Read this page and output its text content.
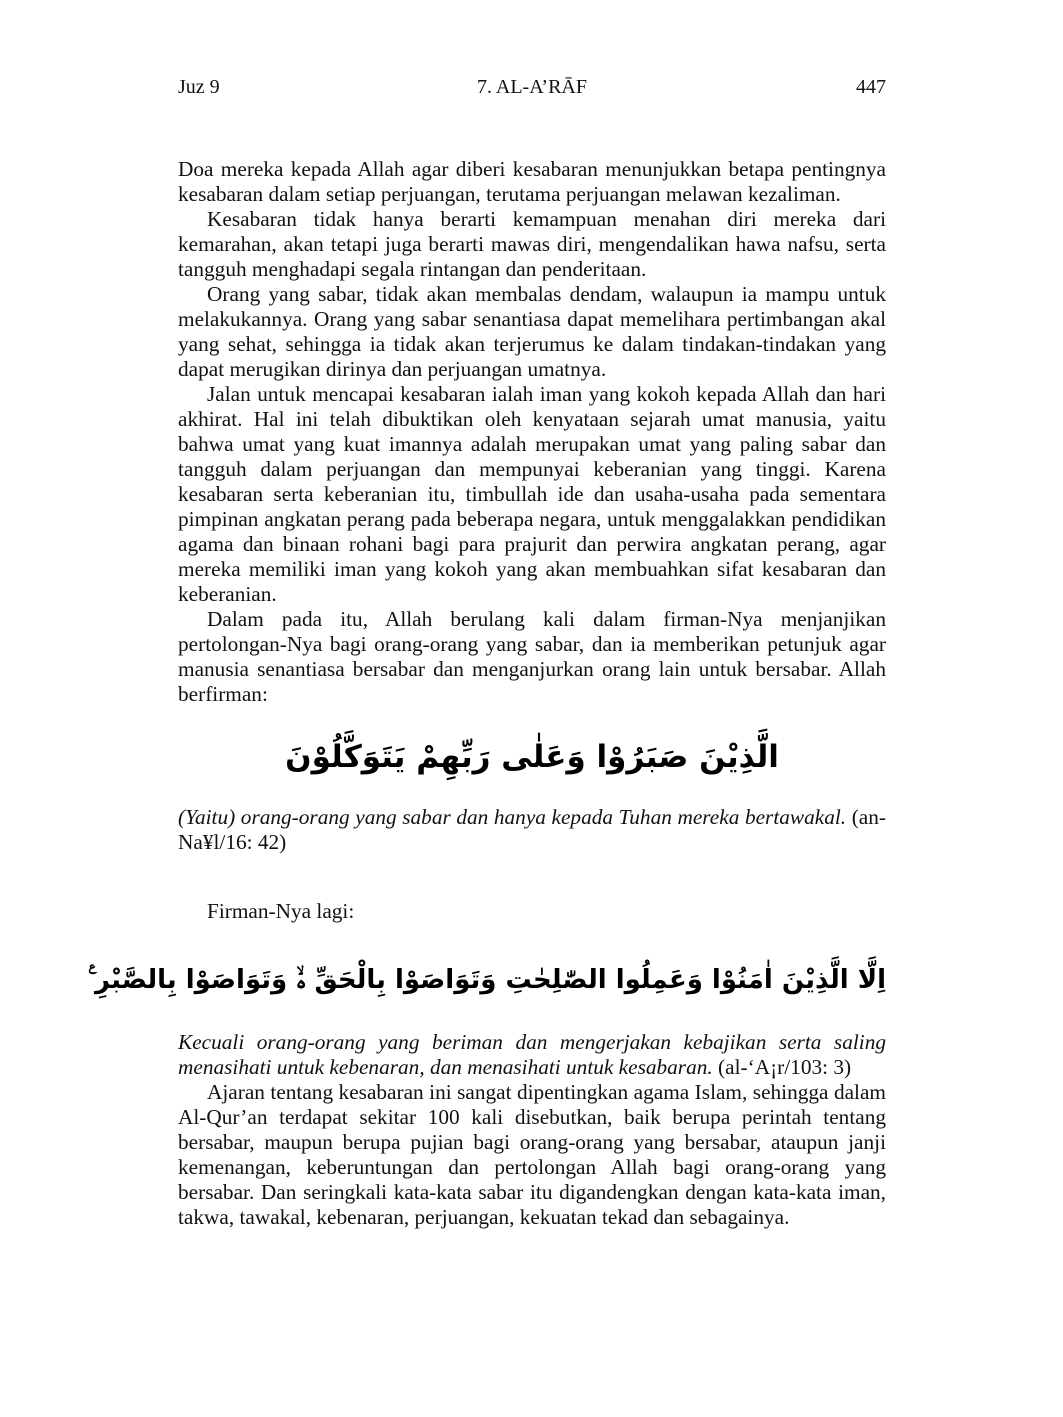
Juz 9	7. AL-A’RĀF	447

Doa mereka kepada Allah agar diberi kesabaran menunjukkan betapa pentingnya kesabaran dalam setiap perjuangan, terutama perjuangan melawan kezaliman.

Kesabaran tidak hanya berarti kemampuan menahan diri mereka dari kemarahan, akan tetapi juga berarti mawas diri, mengendalikan hawa nafsu, serta tangguh menghadapi segala rintangan dan penderitaan.

Orang yang sabar, tidak akan membalas dendam, walaupun ia mampu untuk melakukannya. Orang yang sabar senantiasa dapat memelihara pertimbangan akal yang sehat, sehingga ia tidak akan terjerumus ke dalam tindakan-tindakan yang dapat merugikan dirinya dan perjuangan umatnya.

Jalan untuk mencapai kesabaran ialah iman yang kokoh kepada Allah dan hari akhirat. Hal ini telah dibuktikan oleh kenyataan sejarah umat manusia, yaitu bahwa umat yang kuat imannya adalah merupakan umat yang paling sabar dan tangguh dalam perjuangan dan mempunyai keberanian yang tinggi. Karena kesabaran serta keberanian itu, timbullah ide dan usaha-usaha pada sementara pimpinan angkatan perang pada beberapa negara, untuk menggalakkan pendidikan agama dan binaan rohani bagi para prajurit dan perwira angkatan perang, agar mereka memiliki iman yang kokoh yang akan membuahkan sifat kesabaran dan keberanian.

Dalam pada itu, Allah berulang kali dalam firman-Nya menjanjikan pertolongan-Nya bagi orang-orang yang sabar, dan ia memberikan petunjuk agar manusia senantiasa bersabar dan menganjurkan orang lain untuk bersabar. Allah berfirman:

الَّذِيْنَ صَبَرُوْا وَعَلٰى رَبِّهِمْ يَتَوَكَّلُوْنَ

(Yaitu) orang-orang yang sabar dan hanya kepada Tuhan mereka bertawakal. (an-Na¥l/16: 42)

Firman-Nya lagi:

اِلَّا الَّذِيْنَ اٰمَنُوْا وَعَمِلُوا الصّٰلِحٰتِ وَتَوَاصَوْا بِالْحَقِّ ەۙ وَتَوَاصَوْا بِالصَّبْرِ ࣖ

Kecuali orang-orang yang beriman dan mengerjakan kebajikan serta saling menasihati untuk kebenaran, dan menasihati untuk kesabaran. (al-‘A¡r/103: 3)

Ajaran tentang kesabaran ini sangat dipentingkan agama Islam, sehingga dalam Al-Qur’an terdapat sekitar 100 kali disebutkan, baik berupa perintah tentang bersabar, maupun berupa pujian bagi orang-orang yang bersabar, ataupun janji kemenangan, keberuntungan dan pertolongan Allah bagi orang-orang yang bersabar. Dan seringkali kata-kata sabar itu digandengkan dengan kata-kata iman, takwa, tawakal, kebenaran, perjuangan, kekuatan tekad dan sebagainya.
